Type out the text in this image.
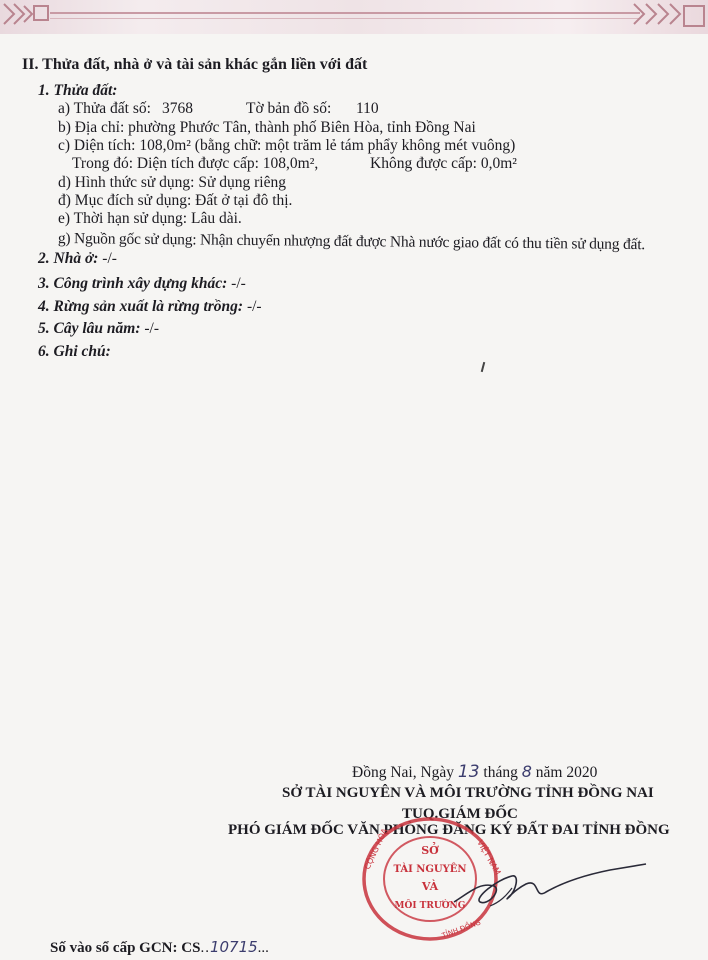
II. Thửa đất, nhà ở và tài sản khác gắn liền với đất
1. Thửa đất:
a) Thửa đất số: 3768	Tờ bản đồ số: 110
b) Địa chỉ: phường Phước Tân, thành phố Biên Hòa, tỉnh Đồng Nai
c) Diện tích: 108,0m² (bằng chữ: một trăm lẻ tám phẩy không mét vuông)
Trong đó: Diện tích được cấp: 108,0m²,	Không được cấp: 0,0m²
d) Hình thức sử dụng: Sử dụng riêng
đ) Mục đích sử dụng: Đất ở tại đô thị.
e) Thời hạn sử dụng: Lâu dài.
g) Nguồn gốc sử dụng: Nhận chuyển nhượng đất được Nhà nước giao đất có thu tiền sử dụng đất.
2. Nhà ở: -/-
3. Công trình xây dựng khác: -/-
4. Rừng sản xuất là rừng trồng: -/-
5. Cây lâu năm: -/-
6. Ghi chú:
Đồng Nai, Ngày 13 tháng 8 năm 2020
SỞ TÀI NGUYÊN VÀ MÔI TRƯỜNG TỈNH ĐỒNG NAI
TUQ.GIÁM ĐỐC
PHÓ GIÁM ĐỐC VĂN PHÒNG ĐĂNG KÝ ĐẤT ĐAI TỈNH ĐỒNG
CỘNG HÒA	VIỆT NAM
TỈNH ĐỒNG
SỞ
TÀI NGUYÊN
VÀ
MÔI TRƯỜNG
Số vào sổ cấp GCN: CS..10715...
